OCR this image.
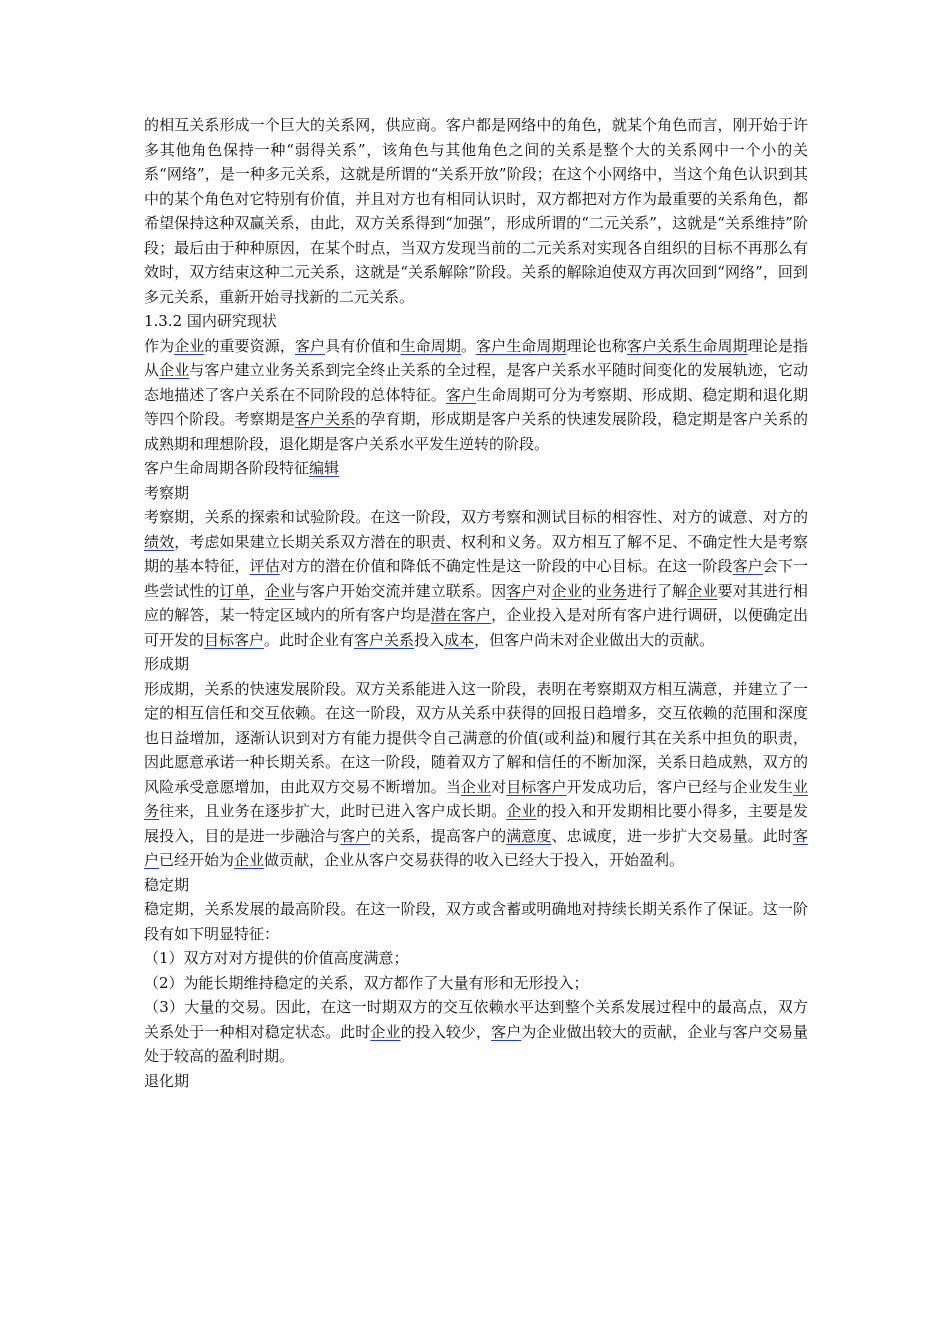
的相互关系形成一个巨大的关系网，供应商。客户都是网络中的角色，就某个角色而言，刚开始于许多其他角色保持一种“弱得关系”，该角色与其他角色之间的关系是整个大的关系网中一个小的关系“网络”，是一种多元关系，这就是所谓的“关系开放”阶段；在这个小网络中，当这个角色认识到其中的某个角色对它特别有价值，并且对方也有相同认识时，双方都把对方作为最重要的关系角色，都希望保持这种双赢关系，由此，双方关系得到“加强”，形成所谓的“二元关系”，这就是“关系维持”阶段；最后由于种种原因，在某个时点，当双方发现当前的二元关系对实现各自组织的目标不再那么有效时，双方结束这种二元关系，这就是“关系解除”阶段。关系的解除迫使双方再次回到“网络”，回到多元关系，重新开始寻找新的二元关系。

1.3.2 国内研究现状

作为企业的重要资源，客户具有价值和生命周期。客户生命周期理论也称客户关系生命周期理论是指从企业与客户建立业务关系到完全终止关系的全过程，是客户关系水平随时间变化的发展轨迹，它动态地描述了客户关系在不同阶段的总体特征。客户生命周期可分为考察期、形成期、稳定期和退化期等四个阶段。考察期是客户关系的孕育期，形成期是客户关系的快速发展阶段，稳定期是客户关系的成熟期和理想阶段，退化期是客户关系水平发生逆转的阶段。

客户生命周期各阶段特征编辑

考察期

考察期，关系的探索和试验阶段。在这一阶段，双方考察和测试目标的相容性、对方的诚意、对方的绩效，考虑如果建立长期关系双方潜在的职责、权利和义务。双方相互了解不足、不确定性大是考察期的基本特征，评估对方的潜在价值和降低不确定性是这一阶段的中心目标。在这一阶段客户会下一些尝试性的订单，企业与客户开始交流并建立联系。因客户对企业的业务进行了解企业要对其进行相应的解答，某一特定区域内的所有客户均是潜在客户，企业投入是对所有客户进行调研，以便确定出可开发的目标客户。此时企业有客户关系投入成本，但客户尚未对企业做出大的贡献。

形成期

形成期，关系的快速发展阶段。双方关系能进入这一阶段，表明在考察期双方相互满意，并建立了一定的相互信任和交互依赖。在这一阶段，双方从关系中获得的回报日趋增多，交互依赖的范围和深度也日益增加，逐渐认识到对方有能力提供令自己满意的价值(或利益)和履行其在关系中担负的职责，因此愿意承诺一种长期关系。在这一阶段，随着双方了解和信任的不断加深，关系日趋成熟，双方的风险承受意愿增加，由此双方交易不断增加。当企业对目标客户开发成功后，客户已经与企业发生业务往来，且业务在逐步扩大，此时已进入客户成长期。企业的投入和开发期相比要小得多，主要是发展投入，目的是进一步融洽与客户的关系，提高客户的满意度、忠诚度，进一步扩大交易量。此时客户已经开始为企业做贡献，企业从客户交易获得的收入已经大于投入，开始盈利。

稳定期

稳定期，关系发展的最高阶段。在这一阶段，双方或含蓄或明确地对持续长期关系作了保证。这一阶段有如下明显特征：

（1）双方对对方提供的价值高度满意；

（2）为能长期维持稳定的关系，双方都作了大量有形和无形投入；

（3）大量的交易。因此，在这一时期双方的交互依赖水平达到整个关系发展过程中的最高点，双方关系处于一种相对稳定状态。此时企业的投入较少，客户为企业做出较大的贡献，企业与客户交易量处于较高的盈利时期。

退化期
